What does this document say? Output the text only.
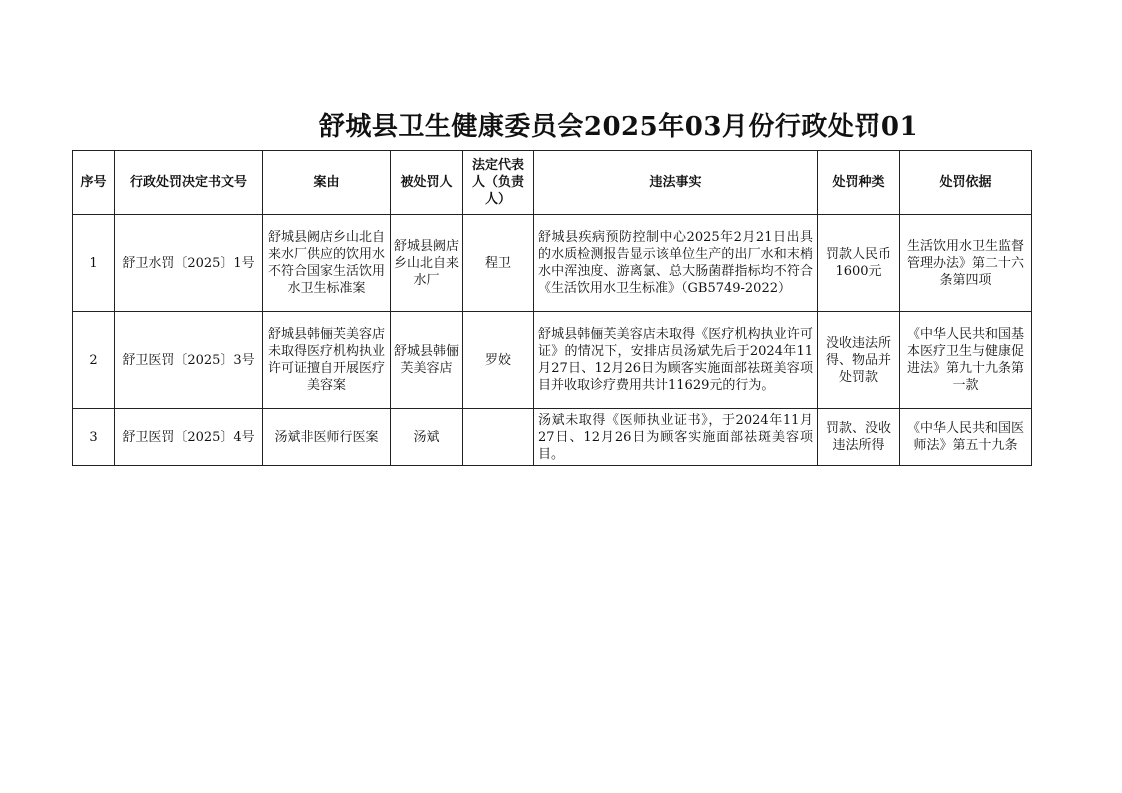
舒城县卫生健康委员会2025年03月份行政处罚01
序号	行政处罚决定书文号	案由	被处罚人	法定代表人（负责人）	违法事实	处罚种类	处罚依据
1	舒卫水罚〔2025〕1号	舒城县阙店乡山北自来水厂供应的饮用水不符合国家生活饮用水卫生标准案	舒城县阙店乡山北自来水厂	程卫	舒城县疾病预防控制中心2025年2月21日出具的水质检测报告显示该单位生产的出厂水和末梢水中浑浊度、游离氯、总大肠菌群指标均不符合《生活饮用水卫生标准》（GB5749-2022）	罚款人民币1600元	生活饮用水卫生监督管理办法》第二十六条第四项
2	舒卫医罚〔2025〕3号	舒城县韩俪芙美容店未取得医疗机构执业许可证擅自开展医疗美容案	舒城县韩俪芙美容店	罗姣	舒城县韩俪芙美容店未取得《医疗机构执业许可证》的情况下，安排店员汤斌先后于2024年11月27日、12月26日为顾客实施面部祛斑美容项目并收取诊疗费用共计11629元的行为。	没收违法所得、物品并处罚款	《中华人民共和国基本医疗卫生与健康促进法》第九十九条第一款
3	舒卫医罚〔2025〕4号	汤斌非医师行医案	汤斌		汤斌未取得《医师执业证书》，于2024年11月27日、12月26日为顾客实施面部祛斑美容项目。	罚款、没收违法所得	《中华人民共和国医师法》第五十九条
